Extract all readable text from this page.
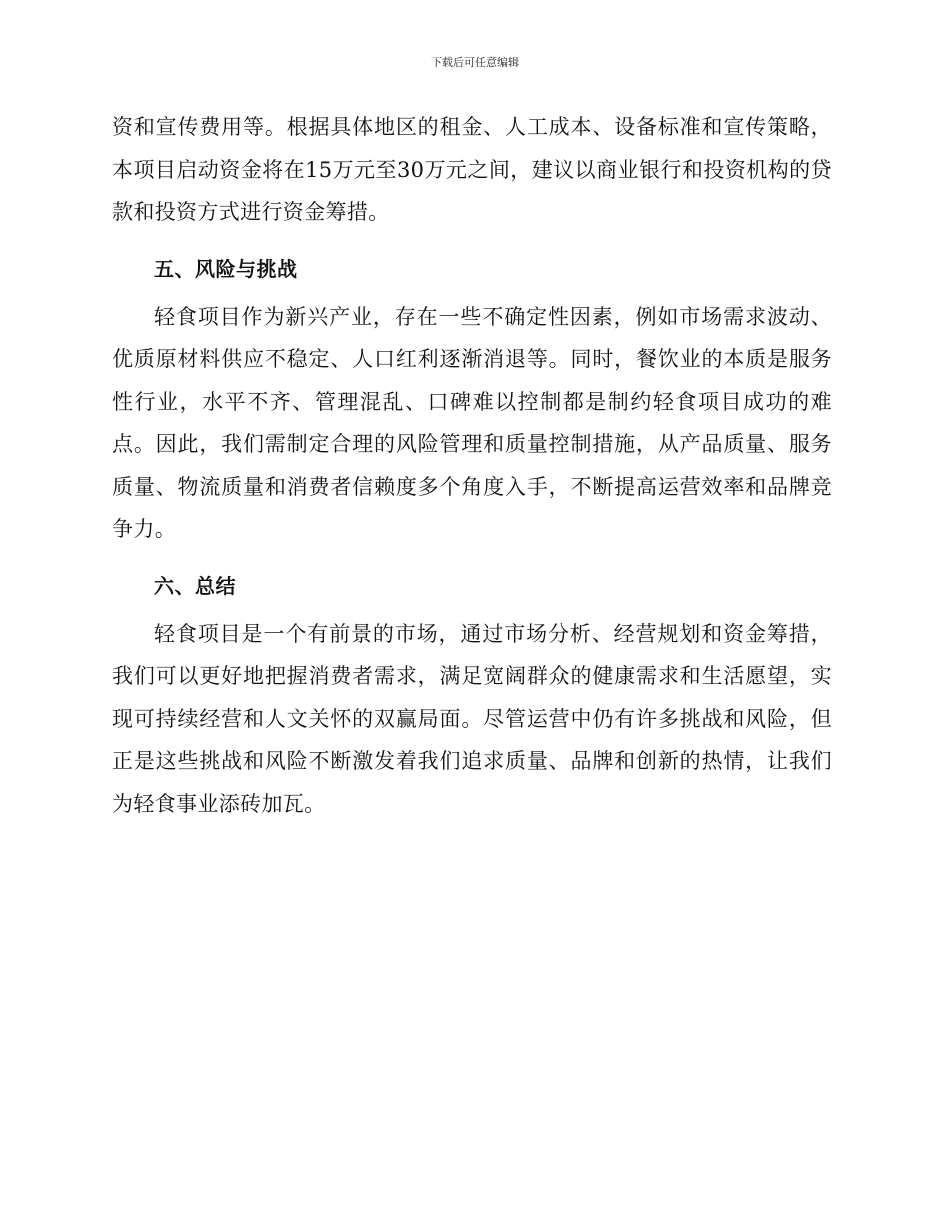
下载后可任意编辑

资和宣传费用等。根据具体地区的租金、人工成本、设备标准和宣传策略，本项目启动资金将在15万元至30万元之间，建议以商业银行和投资机构的贷款和投资方式进行资金筹措。

五、风险与挑战

轻食项目作为新兴产业，存在一些不确定性因素，例如市场需求波动、优质原材料供应不稳定、人口红利逐渐消退等。同时，餐饮业的本质是服务性行业，水平不齐、管理混乱、口碑难以控制都是制约轻食项目成功的难点。因此，我们需制定合理的风险管理和质量控制措施，从产品质量、服务质量、物流质量和消费者信赖度多个角度入手，不断提高运营效率和品牌竞争力。

六、总结

轻食项目是一个有前景的市场，通过市场分析、经营规划和资金筹措，我们可以更好地把握消费者需求，满足宽阔群众的健康需求和生活愿望，实现可持续经营和人文关怀的双赢局面。尽管运营中仍有许多挑战和风险，但正是这些挑战和风险不断激发着我们追求质量、品牌和创新的热情，让我们为轻食事业添砖加瓦。
